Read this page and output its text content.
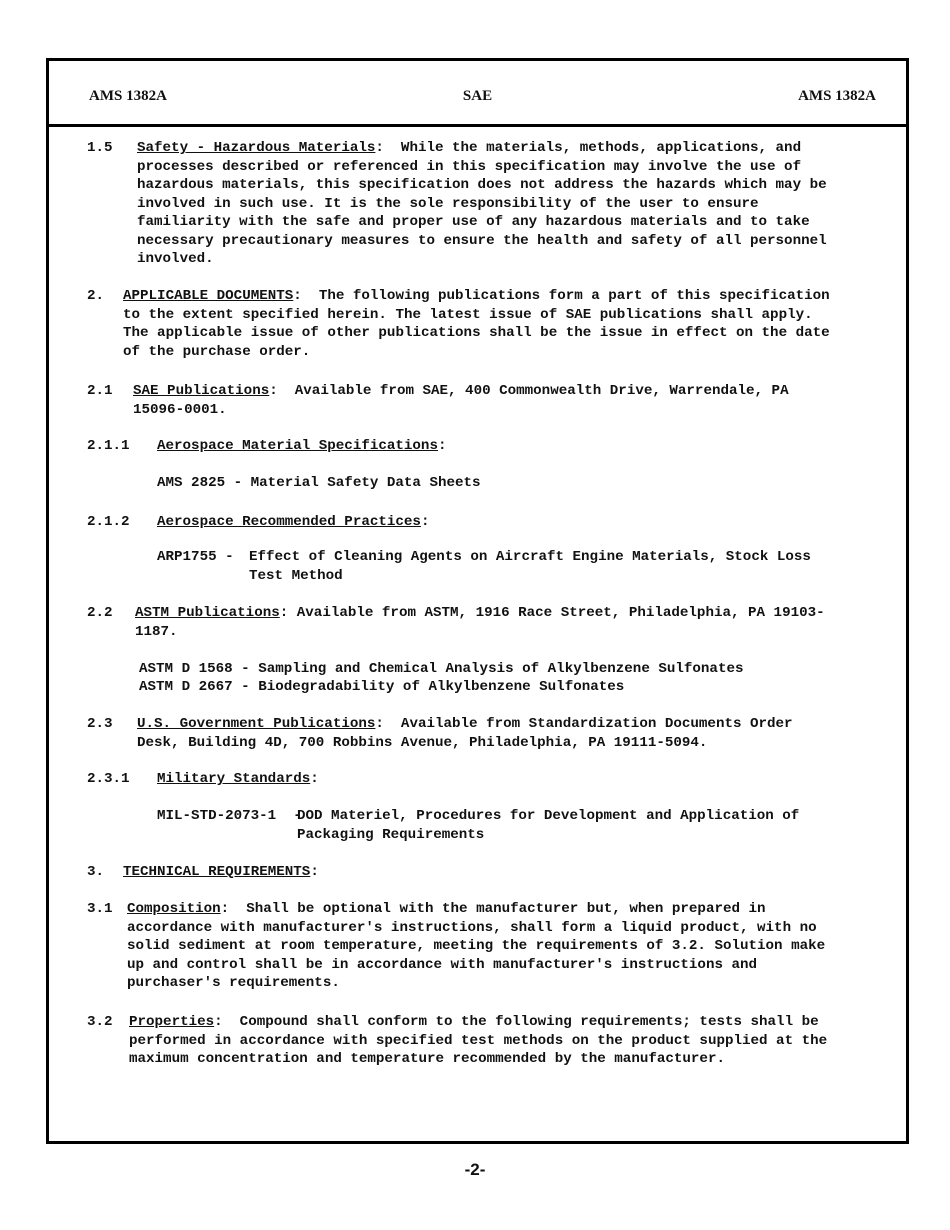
AMS 1382A	SAE	AMS 1382A
1.5 Safety - Hazardous Materials:  While the materials, methods, applications, and processes described or referenced in this specification may involve the use of hazardous materials, this specification does not address the hazards which may be involved in such use. It is the sole responsibility of the user to ensure familiarity with the safe and proper use of any hazardous materials and to take necessary precautionary measures to ensure the health and safety of all personnel involved.
2. APPLICABLE DOCUMENTS:  The following publications form a part of this specification to the extent specified herein. The latest issue of SAE publications shall apply. The applicable issue of other publications shall be the issue in effect on the date of the purchase order.
2.1 SAE Publications:  Available from SAE, 400 Commonwealth Drive, Warrendale, PA 15096-0001.
2.1.1 Aerospace Material Specifications:
AMS 2825 - Material Safety Data Sheets
2.1.2 Aerospace Recommended Practices:
ARP1755 - Effect of Cleaning Agents on Aircraft Engine Materials, Stock Loss Test Method
2.2 ASTM Publications: Available from ASTM, 1916 Race Street, Philadelphia, PA 19103-1187.
ASTM D 1568 - Sampling and Chemical Analysis of Alkylbenzene Sulfonates
ASTM D 2667 - Biodegradability of Alkylbenzene Sulfonates
2.3 U.S. Government Publications:  Available from Standardization Documents Order Desk, Building 4D, 700 Robbins Avenue, Philadelphia, PA 19111-5094.
2.3.1 Military Standards:
MIL-STD-2073-1  -
DOD Materiel, Procedures for Development and Application of Packaging Requirements
3. TECHNICAL REQUIREMENTS:
3.1 Composition:  Shall be optional with the manufacturer but, when prepared in accordance with manufacturer's instructions, shall form a liquid product, with no solid sediment at room temperature, meeting the requirements of 3.2. Solution make up and control shall be in accordance with manufacturer's instructions and purchaser's requirements.
3.2 Properties:  Compound shall conform to the following requirements; tests shall be performed in accordance with specified test methods on the product supplied at the maximum concentration and temperature recommended by the manufacturer.
-2-
